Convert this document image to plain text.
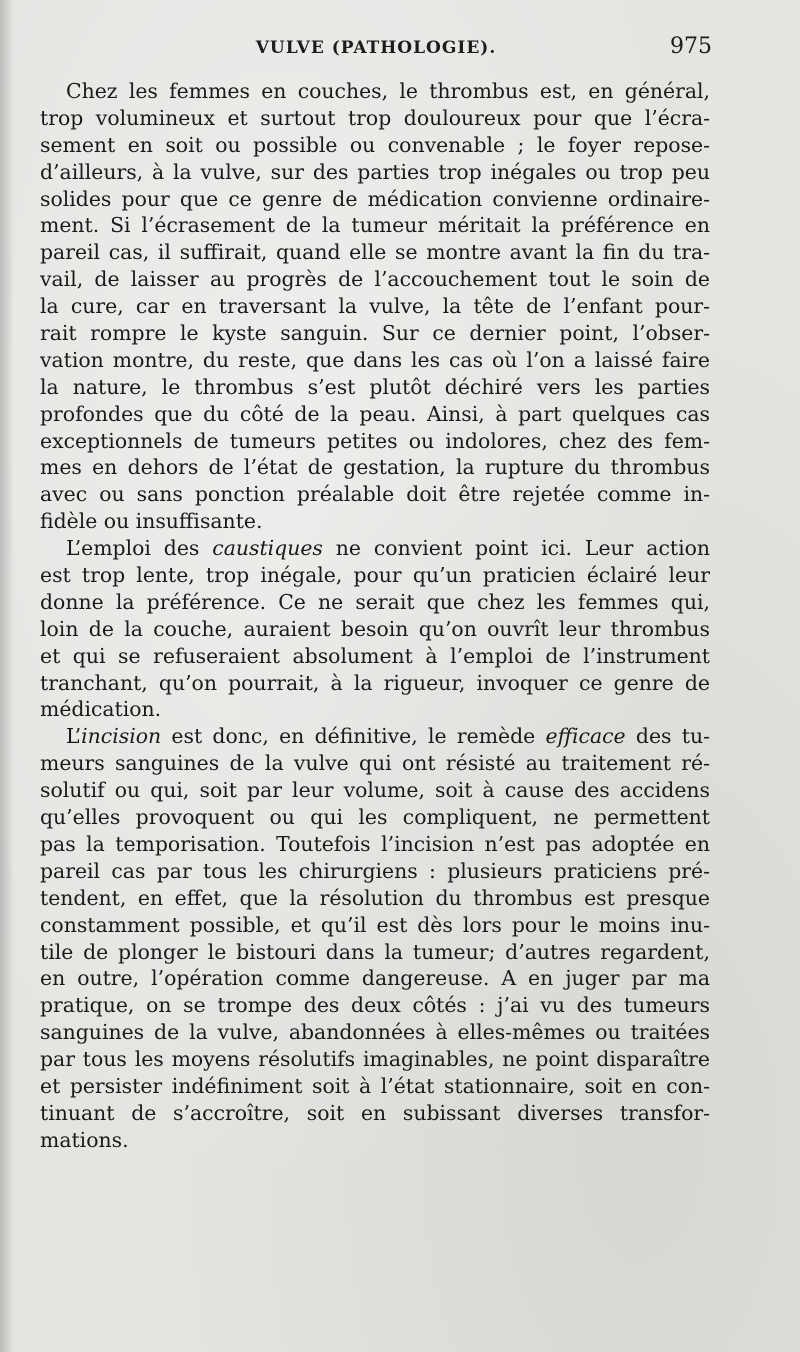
VULVE (PATHOLOGIE).	975
Chez les femmes en couches, le thrombus est, en général,
trop volumineux et surtout trop douloureux pour que l’écra-
sement en soit ou possible ou convenable ; le foyer repose-
d’ailleurs, à la vulve, sur des parties trop inégales ou trop peu
solides pour que ce genre de médication convienne ordinaire-
ment. Si l’écrasement de la tumeur méritait la préférence en
pareil cas, il suffirait, quand elle se montre avant la fin du tra-
vail, de laisser au progrès de l’accouchement tout le soin de
la cure, car en traversant la vulve, la tête de l’enfant pour-
rait rompre le kyste sanguin. Sur ce dernier point, l’obser-
vation montre, du reste, que dans les cas où l’on a laissé faire
la nature, le thrombus s’est plutôt déchiré vers les parties
profondes que du côté de la peau. Ainsi, à part quelques cas
exceptionnels de tumeurs petites ou indolores, chez des fem-
mes en dehors de l’état de gestation, la rupture du thrombus
avec ou sans ponction préalable doit être rejetée comme in-
fidèle ou insuffisante.
L’emploi des caustiques ne convient point ici. Leur action
est trop lente, trop inégale, pour qu’un praticien éclairé leur
donne la préférence. Ce ne serait que chez les femmes qui,
loin de la couche, auraient besoin qu’on ouvrît leur thrombus
et qui se refuseraient absolument à l’emploi de l’instrument
tranchant, qu’on pourrait, à la rigueur, invoquer ce genre de
médication.
L’incision est donc, en définitive, le remède efficace des tu-
meurs sanguines de la vulve qui ont résisté au traitement ré-
solutif ou qui, soit par leur volume, soit à cause des accidens
qu’elles provoquent ou qui les compliquent, ne permettent
pas la temporisation. Toutefois l’incision n’est pas adoptée en
pareil cas par tous les chirurgiens : plusieurs praticiens pré-
tendent, en effet, que la résolution du thrombus est presque
constamment possible, et qu’il est dès lors pour le moins inu-
tile de plonger le bistouri dans la tumeur; d’autres regardent,
en outre, l’opération comme dangereuse. A en juger par ma
pratique, on se trompe des deux côtés : j’ai vu des tumeurs
sanguines de la vulve, abandonnées à elles-mêmes ou traitées
par tous les moyens résolutifs imaginables, ne point disparaître
et persister indéfiniment soit à l’état stationnaire, soit en con-
tinuant de s’accroître, soit en subissant diverses transfor-
mations.
